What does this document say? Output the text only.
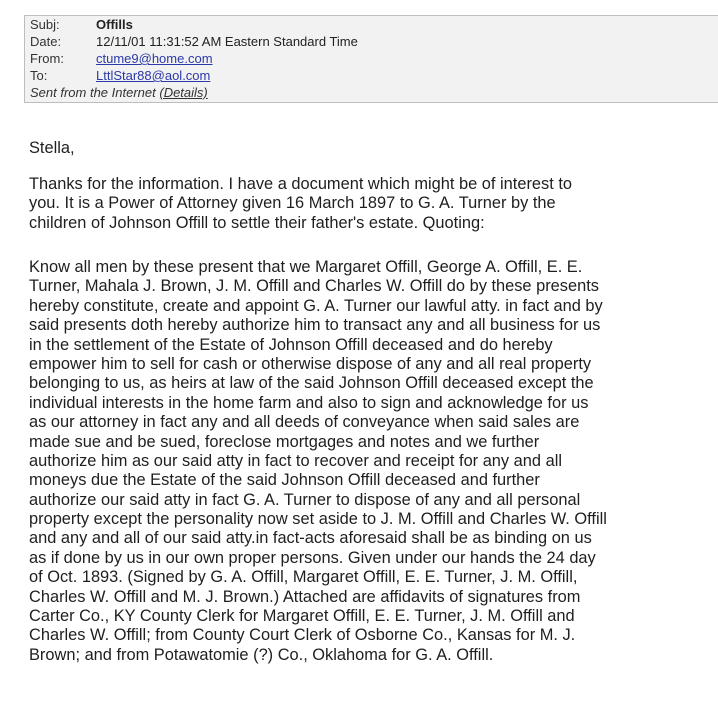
Subj:	Offills
Date:	12/11/01 11:31:52 AM Eastern Standard Time
From: ctume9@home.com
To:	LttlStar88@aol.com
Sent from the Internet (Details)
Stella,
Thanks for the information. I have a document which might be of interest to
you. It is a Power of Attorney given 16 March 1897 to G. A. Turner by the
children of Johnson Offill to settle their father's estate. Quoting:
Know all men by these present that we Margaret Offill, George A. Offill, E. E.
Turner, Mahala J. Brown, J. M. Offill and Charles W. Offill do by these presents
hereby constitute, create and appoint G. A. Turner our lawful atty. in fact and by
said presents doth hereby authorize him to transact any and all business for us
in the settlement of the Estate of Johnson Offill deceased and do hereby
empower him to sell for cash or otherwise dispose of any and all real property
belonging to us, as heirs at law of the said Johnson Offill deceased except the
individual interests in the home farm and also to sign and acknowledge for us
as our attorney in fact any and all deeds of conveyance when said sales are
made sue and be sued, foreclose mortgages and notes and we further
authorize him as our said atty in fact to recover and receipt for any and all
moneys due the Estate of the said Johnson Offill deceased and further
authorize our said atty in fact G. A. Turner to dispose of any and all personal
property except the personality now set aside to J. M. Offill and Charles W. Offill
and any and all of our said atty.in fact-acts aforesaid shall be as binding on us
as if done by us in our own proper persons. Given under our hands the 24 day
of Oct. 1893. (Signed by G. A. Offill, Margaret Offill, E. E. Turner, J. M. Offill,
Charles W. Offill and M. J. Brown.) Attached are affidavits of signatures from
Carter Co., KY County Clerk for Margaret Offill, E. E. Turner, J. M. Offill and
Charles W. Offill; from County Court Clerk of Osborne Co., Kansas for M. J.
Brown; and from Potawatomie (?) Co., Oklahoma for G. A. Offill.
